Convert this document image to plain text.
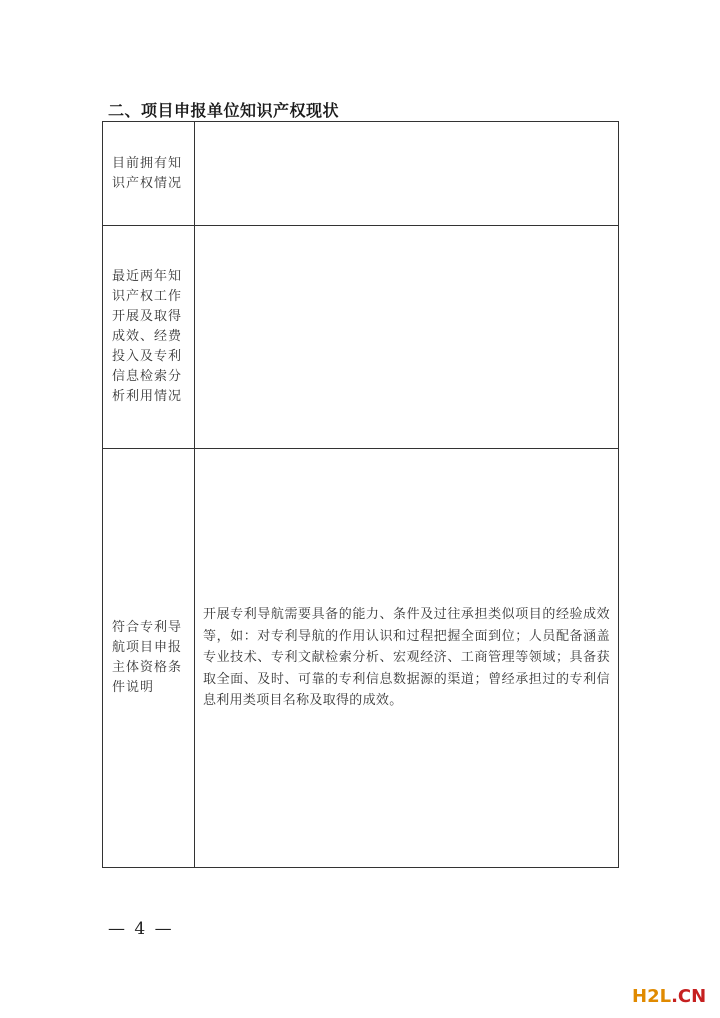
二、项目申报单位知识产权现状
目前拥有知识产权情况	
最近两年知识产权工作开展及取得成效、经费投入及专利信息检索分析利用情况	
符合专利导航项目申报主体资格条件说明	开展专利导航需要具备的能力、条件及过往承担类似项目的经验成效等，如：对专利导航的作用认识和过程把握全面到位；人员配备涵盖专业技术、专利文献检索分析、宏观经济、工商管理等领域；具备获取全面、及时、可靠的专利信息数据源的渠道；曾经承担过的专利信息利用类项目名称及取得的成效。
— 4 —
H2L.CN
